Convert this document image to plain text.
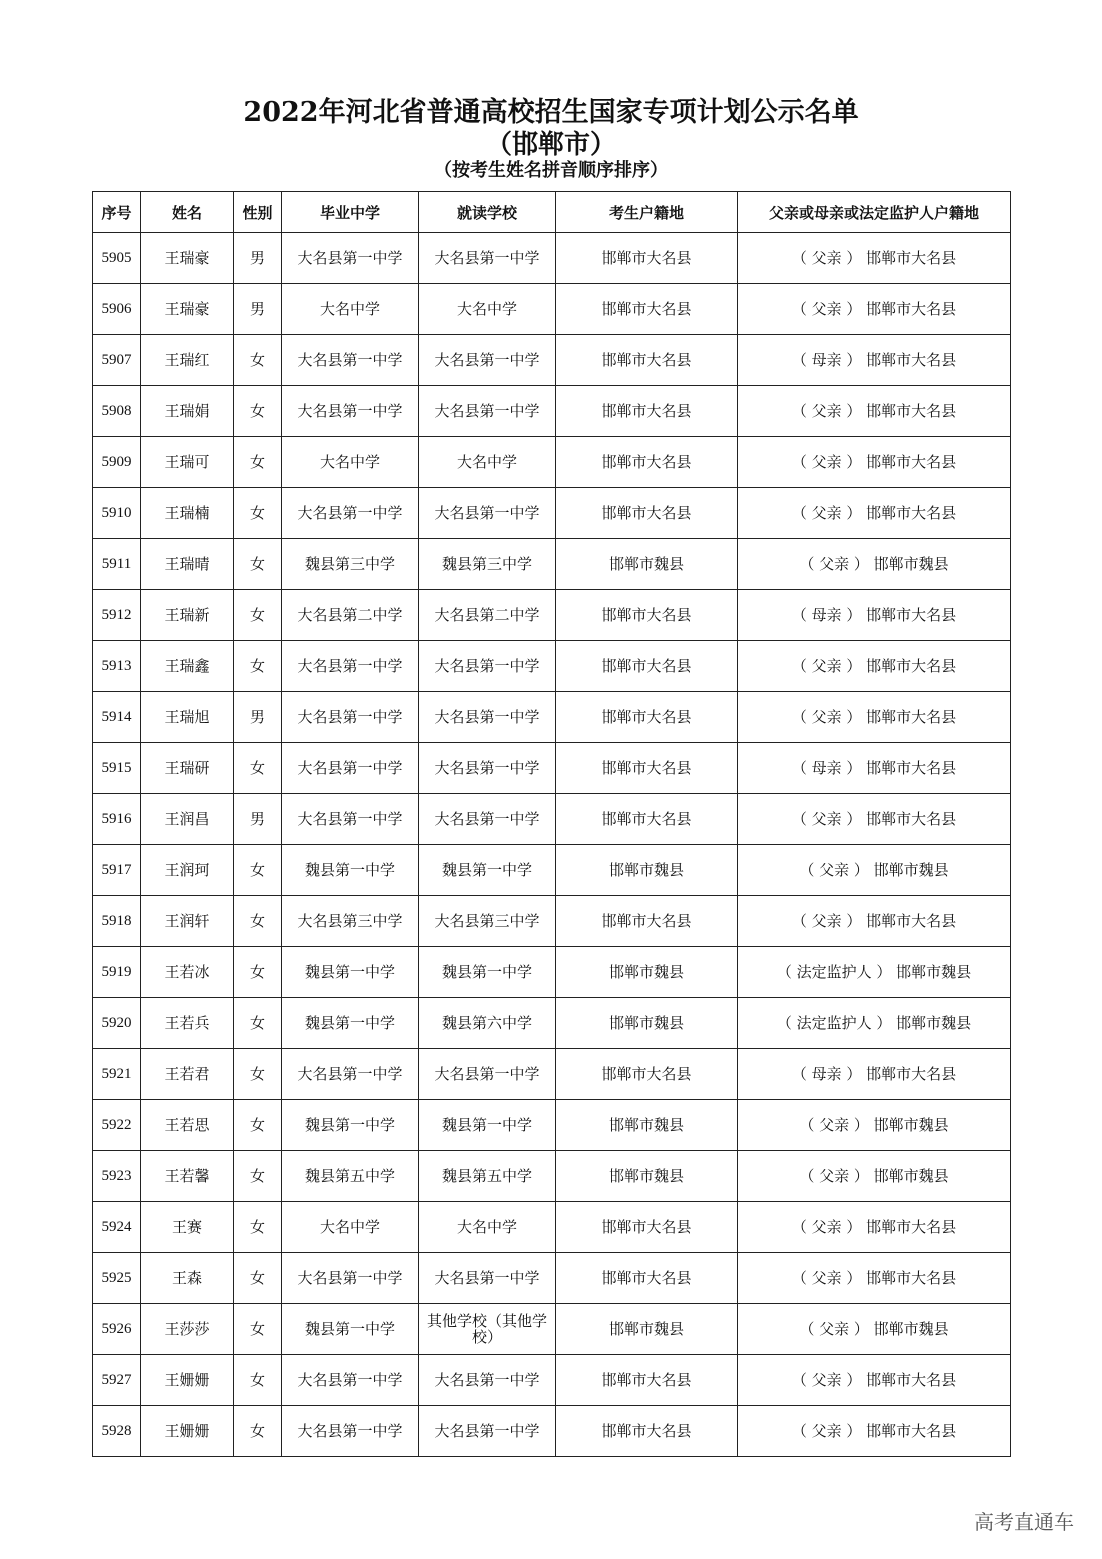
2022年河北省普通高校招生国家专项计划公示名单
（邯郸市）
（按考生姓名拼音顺序排序）
序号	姓名	性别	毕业中学	就读学校	考生户籍地	父亲或母亲或法定监护人户籍地
5905	王瑞豪	男	大名县第一中学	大名县第一中学	邯郸市大名县	（ 父亲 ） 邯郸市大名县
5906	王瑞豪	男	大名中学	大名中学	邯郸市大名县	（ 父亲 ） 邯郸市大名县
5907	王瑞红	女	大名县第一中学	大名县第一中学	邯郸市大名县	（ 母亲 ） 邯郸市大名县
5908	王瑞娟	女	大名县第一中学	大名县第一中学	邯郸市大名县	（ 父亲 ） 邯郸市大名县
5909	王瑞可	女	大名中学	大名中学	邯郸市大名县	（ 父亲 ） 邯郸市大名县
5910	王瑞楠	女	大名县第一中学	大名县第一中学	邯郸市大名县	（ 父亲 ） 邯郸市大名县
5911	王瑞晴	女	魏县第三中学	魏县第三中学	邯郸市魏县	（ 父亲 ） 邯郸市魏县
5912	王瑞新	女	大名县第二中学	大名县第二中学	邯郸市大名县	（ 母亲 ） 邯郸市大名县
5913	王瑞鑫	女	大名县第一中学	大名县第一中学	邯郸市大名县	（ 父亲 ） 邯郸市大名县
5914	王瑞旭	男	大名县第一中学	大名县第一中学	邯郸市大名县	（ 父亲 ） 邯郸市大名县
5915	王瑞研	女	大名县第一中学	大名县第一中学	邯郸市大名县	（ 母亲 ） 邯郸市大名县
5916	王润昌	男	大名县第一中学	大名县第一中学	邯郸市大名县	（ 父亲 ） 邯郸市大名县
5917	王润珂	女	魏县第一中学	魏县第一中学	邯郸市魏县	（ 父亲 ） 邯郸市魏县
5918	王润轩	女	大名县第三中学	大名县第三中学	邯郸市大名县	（ 父亲 ） 邯郸市大名县
5919	王若冰	女	魏县第一中学	魏县第一中学	邯郸市魏县	（ 法定监护人 ） 邯郸市魏县
5920	王若兵	女	魏县第一中学	魏县第六中学	邯郸市魏县	（ 法定监护人 ） 邯郸市魏县
5921	王若君	女	大名县第一中学	大名县第一中学	邯郸市大名县	（ 母亲 ） 邯郸市大名县
5922	王若思	女	魏县第一中学	魏县第一中学	邯郸市魏县	（ 父亲 ） 邯郸市魏县
5923	王若馨	女	魏县第五中学	魏县第五中学	邯郸市魏县	（ 父亲 ） 邯郸市魏县
5924	王赛	女	大名中学	大名中学	邯郸市大名县	（ 父亲 ） 邯郸市大名县
5925	王森	女	大名县第一中学	大名县第一中学	邯郸市大名县	（ 父亲 ） 邯郸市大名县
5926	王莎莎	女	魏县第一中学	其他学校（其他学校）	邯郸市魏县	（ 父亲 ） 邯郸市魏县
5927	王姗姗	女	大名县第一中学	大名县第一中学	邯郸市大名县	（ 父亲 ） 邯郸市大名县
5928	王姗姗	女	大名县第一中学	大名县第一中学	邯郸市大名县	（ 父亲 ） 邯郸市大名县
高考直通车
